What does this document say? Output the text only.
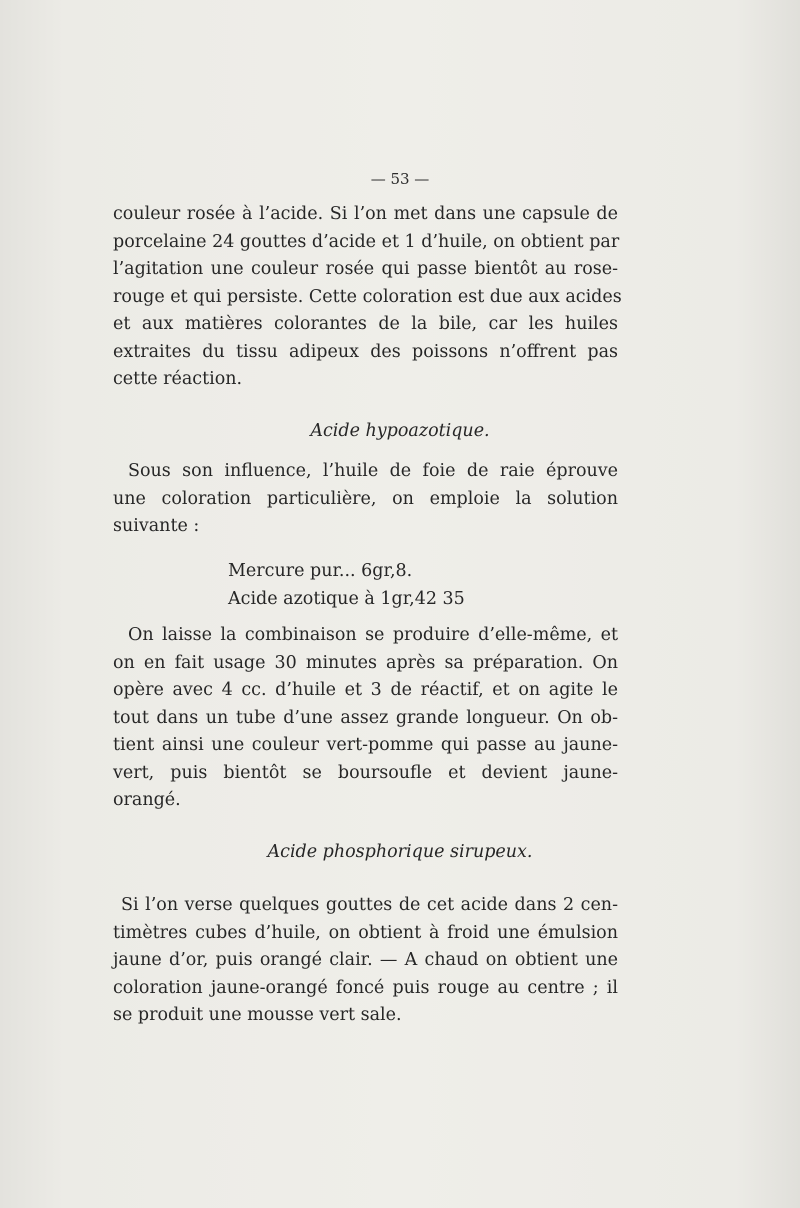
— 53 —
couleur rosée à l’acide. Si l’on met dans une capsule de
porcelaine 24 gouttes d’acide et 1 d’huile, on obtient par
l’agitation une couleur rosée qui passe bientôt au rose-
rouge et qui persiste. Cette coloration est due aux acides
et aux matières colorantes de la bile, car les huiles
extraites du tissu adipeux des poissons n’offrent pas
cette réaction.
Acide hypoazotique.
Sous son influence, l’huile de foie de raie éprouve
une coloration particulière, on emploie la solution
suivante :
Mercure pur... 6gr,8.
Acide azotique à 1gr,42 35
On laisse la combinaison se produire d’elle-même, et
on en fait usage 30 minutes après sa préparation. On
opère avec 4 cc. d’huile et 3 de réactif, et on agite le
tout dans un tube d’une assez grande longueur. On ob-
tient ainsi une couleur vert-pomme qui passe au jaune-
vert, puis bientôt se boursoufle et devient jaune-
orangé.
Acide phosphorique sirupeux.
Si l’on verse quelques gouttes de cet acide dans 2 cen-
timètres cubes d’huile, on obtient à froid une émulsion
jaune d’or, puis orangé clair. — A chaud on obtient une
coloration jaune-orangé foncé puis rouge au centre ; il
se produit une mousse vert sale.
